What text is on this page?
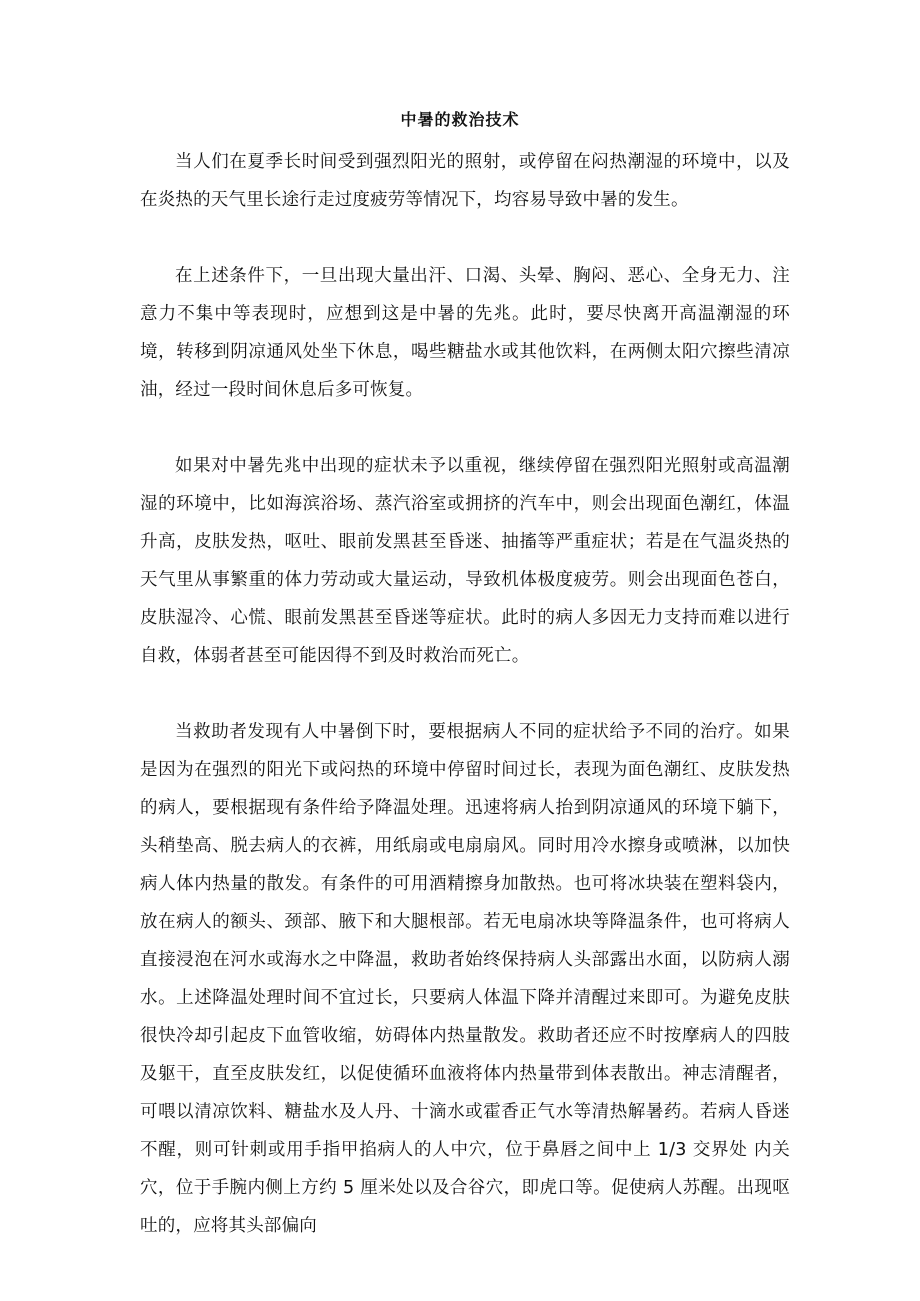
中暑的救治技术

当人们在夏季长时间受到强烈阳光的照射，或停留在闷热潮湿的环境中，以及在炎热的天气里长途行走过度疲劳等情况下，均容易导致中暑的发生。

在上述条件下，一旦出现大量出汗、口渴、头晕、胸闷、恶心、全身无力、注意力不集中等表现时，应想到这是中暑的先兆。此时，要尽快离开高温潮湿的环境，转移到阴凉通风处坐下休息，喝些糖盐水或其他饮料，在两侧太阳穴擦些清凉油，经过一段时间休息后多可恢复。

如果对中暑先兆中出现的症状未予以重视，继续停留在强烈阳光照射或高温潮湿的环境中，比如海滨浴场、蒸汽浴室或拥挤的汽车中，则会出现面色潮红，体温升高，皮肤发热，呕吐、眼前发黑甚至昏迷、抽搐等严重症状；若是在气温炎热的天气里从事繁重的体力劳动或大量运动，导致机体极度疲劳。则会出现面色苍白，皮肤湿冷、心慌、眼前发黑甚至昏迷等症状。此时的病人多因无力支持而难以进行自救，体弱者甚至可能因得不到及时救治而死亡。

当救助者发现有人中暑倒下时，要根据病人不同的症状给予不同的治疗。如果是因为在强烈的阳光下或闷热的环境中停留时间过长，表现为面色潮红、皮肤发热的病人，要根据现有条件给予降温处理。迅速将病人抬到阴凉通风的环境下躺下，头稍垫高、脱去病人的衣裤，用纸扇或电扇扇风。同时用冷水擦身或喷淋，以加快病人体内热量的散发。有条件的可用酒精擦身加散热。也可将冰块装在塑料袋内，放在病人的额头、颈部、腋下和大腿根部。若无电扇冰块等降温条件，也可将病人直接浸泡在河水或海水之中降温，救助者始终保持病人头部露出水面，以防病人溺水。上述降温处理时间不宜过长，只要病人体温下降并清醒过来即可。为避免皮肤很快冷却引起皮下血管收缩，妨碍体内热量散发。救助者还应不时按摩病人的四肢及躯干，直至皮肤发红，以促使循环血液将体内热量带到体表散出。神志清醒者，可喂以清凉饮料、糖盐水及人丹、十滴水或霍香正气水等清热解暑药。若病人昏迷不醒，则可针刺或用手指甲掐病人的人中穴，位于鼻唇之间中上 1/3 交界处 内关穴，位于手腕内侧上方约 5 厘米处以及合谷穴，即虎口等。促使病人苏醒。出现呕吐的，应将其头部偏向
